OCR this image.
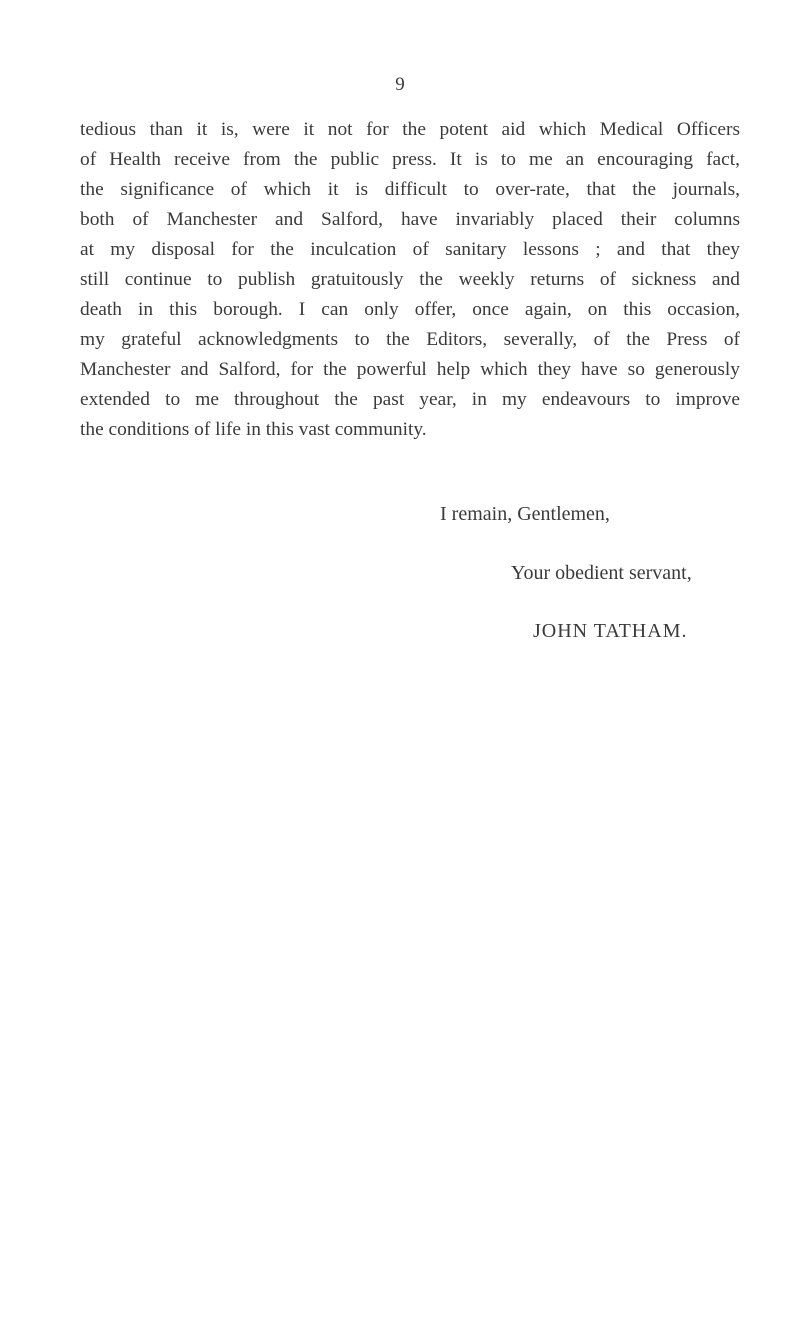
9
tedious than it is, were it not for the potent aid which Medical Officers
of Health receive from the public press. It is to me an encouraging fact,
the significance of which it is difficult to over-rate, that the journals,
both of Manchester and Salford, have invariably placed their columns
at my disposal for the inculcation of sanitary lessons ; and that they
still continue to publish gratuitously the weekly returns of sickness and
death in this borough. I can only offer, once again, on this occasion,
my grateful acknowledgments to the Editors, severally, of the Press of
Manchester and Salford, for the powerful help which they have so generously
extended to me throughout the past year, in my endeavours to improve
the conditions of life in this vast community.
I remain, Gentlemen,
Your obedient servant,
JOHN TATHAM.
